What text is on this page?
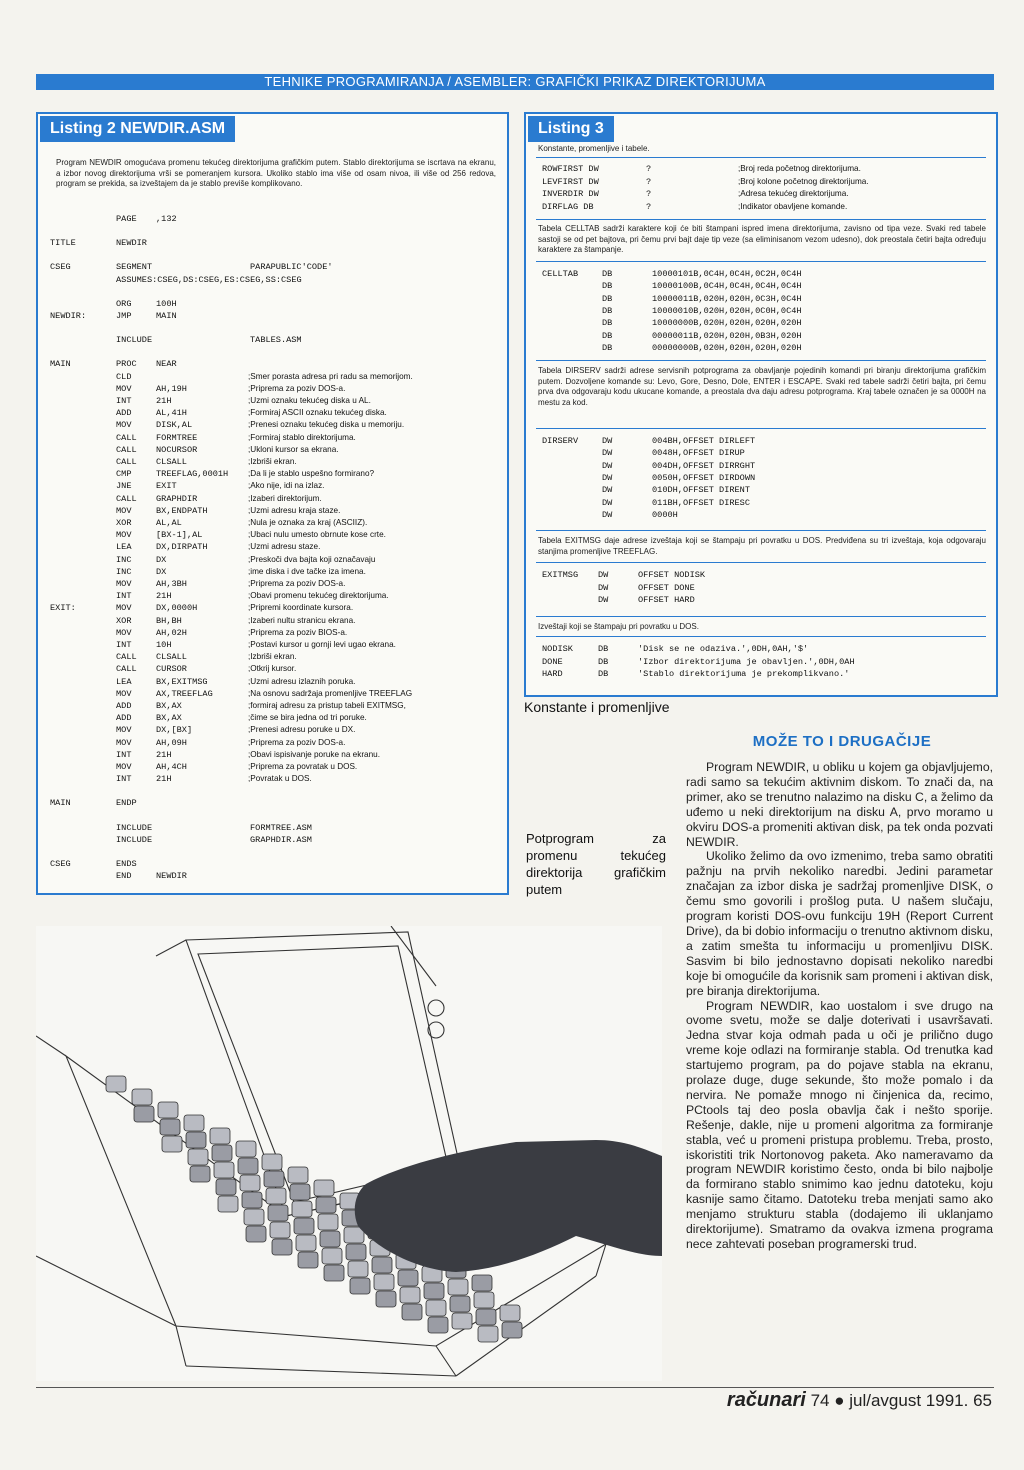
TEHNIKE PROGRAMIRANJA / ASEMBLER: GRAFIČKI PRIKAZ DIREKTORIJUMA
Listing 2 NEWDIR.ASM
Program NEWDIR omogućava promenu tekućeg direktorijuma grafičkim putem. Stablo direktorijuma se iscrtava na ekranu, a izbor novog direktorijuma vrši se pomeranjem kursora. Ukoliko stablo ima više od osam nivoa, ili više od 256 redova, program se prekida, sa izveštajem da je stablo previše komplikovano.
PAGE ,132
TITLE	NEWDIR
CSEG	SEGMENT	PARAPUBLIC'CODE'
ASSUMES:CSEG,DS:CSEG,ES:CSEG,SS:CSEG
ORG	100H
NEWDIR:	JMP	MAIN
INCLUDE	TABLES.ASM
MAIN	PROC NEAR
CLD	;Smer porasta adresa pri radu sa memorijom.
MOV	AH,19H	;Priprema za poziv DOS-a.
INT	21H	;Uzmi oznaku tekućeg diska u AL.
ADD	AL,41H	;Formiraj ASCII oznaku tekućeg diska.
MOV	DISK,AL	;Prenesi oznaku tekućeg diska u memoriju.
CALL FORMTREE	;Formiraj stablo direktorijuma.
CALL NOCURSOR	;Ukloni kursor sa ekrana.
CALL CLSALL	;Izbriši ekran.
CMP	TREEFLAG,0001H ;Da li je stablo uspešno formirano?
JNE	EXIT	;Ako nije, idi na izlaz.
CALL GRAPHDIR	;Izaberi direktorijum.
MOV	BX,ENDPATH	;Uzmi adresu kraja staze.
XOR	AL,AL	;Nula je oznaka za kraj (ASCIIZ).
MOV	[BX-1],AL	;Ubaci nulu umesto obrnute kose crte.
LEA	DX,DIRPATH	;Uzmi adresu staze.
INC	DX	;Preskoči dva bajta koji označavaju
INC	DX	;ime diska i dve tačke iza imena.
MOV	AH,3BH	;Priprema za poziv DOS-a.
INT	21H	;Obavi promenu tekućeg direktorijuma.
EXIT:	MOV	DX,0000H	;Pripremi koordinate kursora.
XOR	BH,BH	;Izaberi nultu stranicu ekrana.
MOV	AH,02H	;Priprema za poziv BIOS-a.
INT	10H	;Postavi kursor u gornji levi ugao ekrana.
CALL CLSALL	;Izbriši ekran.
CALL CURSOR	;Otkrij kursor.
LEA	BX,EXITMSG	;Uzmi adresu izlaznih poruka.
MOV	AX,TREEFLAG	;Na osnovu sadržaja promenljive TREEFLAG
ADD	BX,AX	;formiraj adresu za pristup tabeli EXITMSG,
ADD	BX,AX	;čime se bira jedna od tri poruke.
MOV	DX,[BX]	;Prenesi adresu poruke u DX.
MOV	AH,09H	;Priprema za poziv DOS-a.
INT	21H	;Obavi ispisivanje poruke na ekranu.
MOV	AH,4CH	;Priprema za povratak u DOS.
INT	21H	;Povratak u DOS.
MAIN	ENDP
INCLUDE	FORMTREE.ASM
INCLUDE	GRAPHDIR.ASM
CSEG	ENDS
END	NEWDIR
Listing 3
Konstante, promenljive i tabele.
ROWFIRST DW	?	;Broj reda početnog direktorijuma.
LEVFIRST DW	?	;Broj kolone početnog direktorijuma.
INVERDIR DW	?	;Adresa tekućeg direktorijuma.
DIRFLAG DB	?	;Indikator obavljene komande.
Tabela CELLTAB sadrži karaktere koji će biti štampani ispred imena direktorijuma, zavisno od tipa veze. Svaki red tabele sastoji se od pet bajtova, pri čemu prvi bajt daje tip veze (sa eliminisanom vezom udesno), dok preostala četiri bajta određuju karaktere za štampanje.
CELLTAB	DB	10000101B,0C4H,0C4H,0C2H,0C4H
DB	10000100B,0C4H,0C4H,0C4H,0C4H
DB	10000011B,020H,020H,0C3H,0C4H
DB	10000010B,020H,020H,0C0H,0C4H
DB	10000000B,020H,020H,020H,020H
DB	00000011B,020H,020H,0B3H,020H
DB	00000000B,020H,020H,020H,020H
Tabela DIRSERV sadrži adrese servisnih potprograma za obavljanje pojedinih komandi pri biranju direktorijuma grafičkim putem. Dozvoljene komande su: Levo, Gore, Desno, Dole, ENTER i ESCAPE. Svaki red tabele sadrži četiri bajta, pri čemu prva dva odgovaraju kodu ukucane komande, a preostala dva daju adresu potprograma. Kraj tabele označen je sa 0000H na mestu za kod.
DIRSERV	DW	004BH,OFFSET DIRLEFT
DW	0048H,OFFSET DIRUP
DW	004DH,OFFSET DIRRGHT
DW	0050H,OFFSET DIRDOWN
DW	010DH,OFFSET DIRENT
DW	011BH,OFFSET DIRESC
DW	0000H
Tabela EXITMSG daje adrese izveštaja koji se štampaju pri povratku u DOS. Predviđena su tri izveštaja, koja odgovaraju stanjima promenljive TREEFLAG.
EXITMSG DW	OFFSET NODISK
DW	OFFSET DONE
DW	OFFSET HARD
Izveštaji koji se štampaju pri povratku u DOS.
NODISK	DB	'Disk se ne odaziva.',0DH,0AH,'$'
DONE	DB	'Izbor direktorijuma je obavljen.',0DH,0AH
HARD	DB	'Stablo direktorijuma je prekomplikvano.'
Konstante i promenljive
Potprogram za promenu tekućeg direktorija grafičkim putem
MOŽE TO I DRUGAČIJE

Program NEWDIR, u obliku u kojem ga objavljujemo, radi samo sa tekućim aktivnim diskom. To znači da, na primer, ako se trenutno nalazimo na disku C, a želimo da uđemo u neki direktorijum na disku A, prvo moramo u okviru DOS-a promeniti aktivan disk, pa tek onda pozvati NEWDIR.

Ukoliko želimo da ovo izmenimo, treba samo obratiti pažnju na prvih nekoliko naredbi. Jedini parametar značajan za izbor diska je sadržaj promenljive DISK, o čemu smo govorili i prošlog puta. U našem slučaju, program koristi DOS-ovu funkciju 19H (Report Current Drive), da bi dobio informaciju o trenutno aktivnom disku, a zatim smešta tu informaciju u promenljivu DISK. Sasvim bi bilo jednostavno dopisati nekoliko naredbi koje bi omogućile da korisnik sam promeni i aktivan disk, pre biranja direktorijuma.

Program NEWDIR, kao uostalom i sve drugo na ovome svetu, može se dalje doterivati i usavršavati. Jedna stvar koja odmah pada u oči je prilično dugo vreme koje odlazi na formiranje stabla. Od trenutka kad startujemo program, pa do pojave stabla na ekranu, prolaze duge, duge sekunde, što može pomalo i da nervira. Ne pomaže mnogo ni činjenica da, recimo, PCtools taj deo posla obavlja čak i nešto sporije. Rešenje, dakle, nije u promeni algoritma za formiranje stabla, već u promeni pristupa problemu. Treba, prosto, iskoristiti trik Nortonovog paketa. Ako nameravamo da program NEWDIR koristimo često, onda bi bilo najbolje da formirano stablo snimimo kao jednu datoteku, koju kasnije samo čitamo. Datoteku treba menjati samo ako menjamo strukturu stabla (dodajemo ili uklanjamo direktorijume). Smatramo da ovakva izmena programa nece zahtevati poseban programerski trud.

računari 74 ● jul/avgust 1991. 65
